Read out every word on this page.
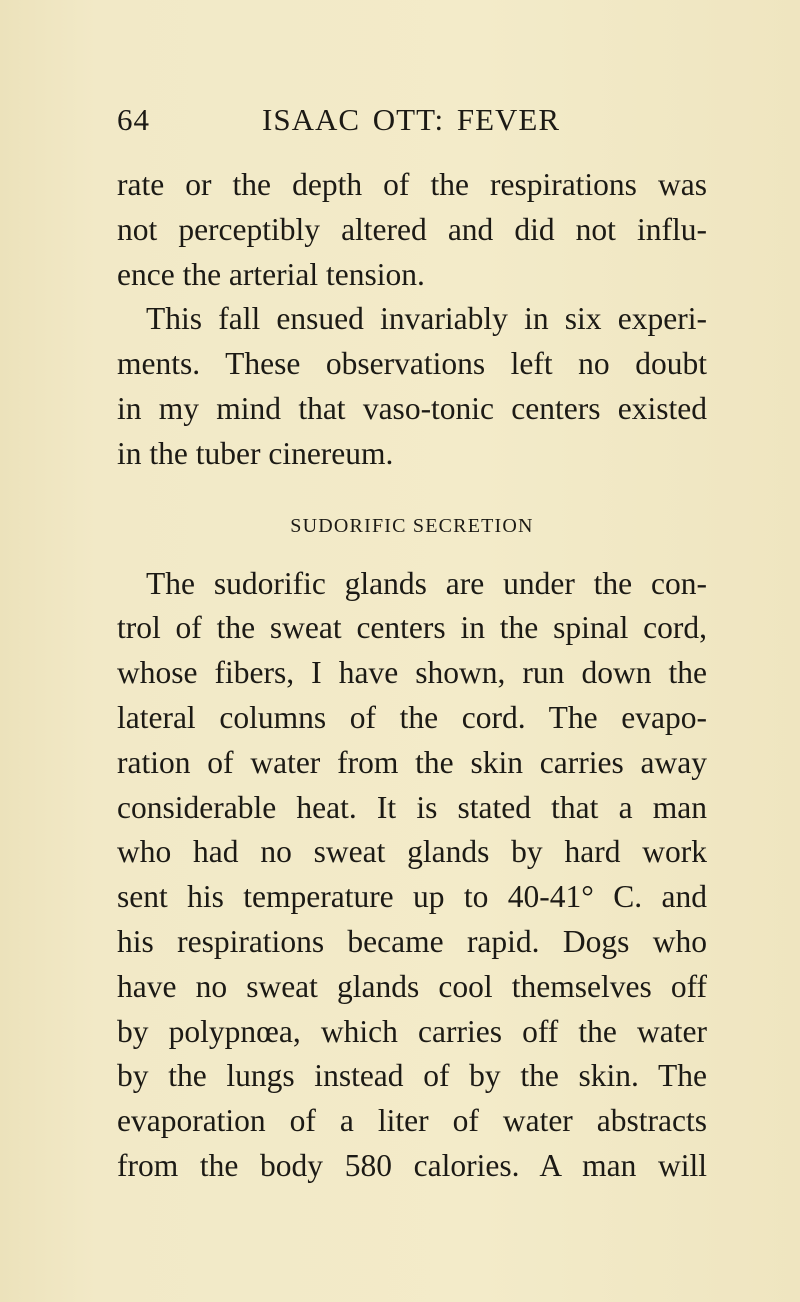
64	ISAAC OTT: FEVER
rate or the depth of the respirations was
not perceptibly altered and did not influ-
ence the arterial tension.
This fall ensued invariably in six experi-
ments. These observations left no doubt
in my mind that vaso-tonic centers existed
in the tuber cinereum.
SUDORIFIC SECRETION
The sudorific glands are under the con-
trol of the sweat centers in the spinal cord,
whose fibers, I have shown, run down the
lateral columns of the cord. The evapo-
ration of water from the skin carries away
considerable heat. It is stated that a man
who had no sweat glands by hard work
sent his temperature up to 40-41° C. and
his respirations became rapid. Dogs who
have no sweat glands cool themselves off
by polypnœa, which carries off the water
by the lungs instead of by the skin. The
evaporation of a liter of water abstracts
from the body 580 calories. A man will
